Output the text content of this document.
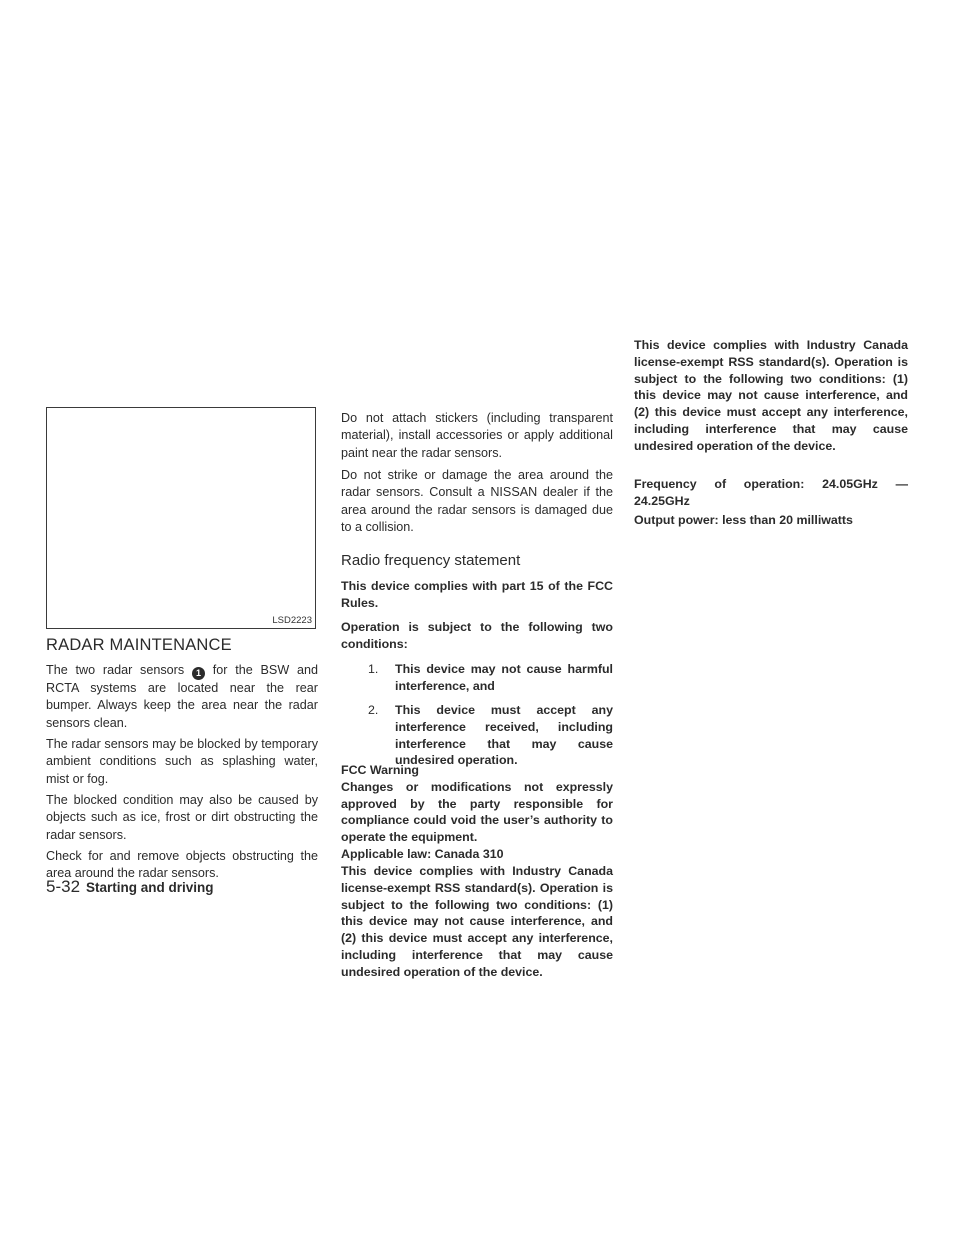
LSD2223
RADAR MAINTENANCE

The two radar sensors 1 for the BSW and RCTA systems are located near the rear bumper. Always keep the area near the radar sensors clean.

The radar sensors may be blocked by temporary ambient conditions such as splashing water, mist or fog.

The blocked condition may also be caused by objects such as ice, frost or dirt obstructing the radar sensors.

Check for and remove objects obstructing the area around the radar sensors.

Do not attach stickers (including transparent material), install accessories or apply additional paint near the radar sensors.

Do not strike or damage the area around the radar sensors. Consult a NISSAN dealer if the area around the radar sensors is damaged due to a collision.

Radio frequency statement

This device complies with part 15 of the FCC Rules.

Operation is subject to the following two conditions:

1. This device may not cause harmful interference, and
2. This device must accept any interference received, including interference that may cause undesired operation.
FCC Warning
Changes or modifications not expressly approved by the party responsible for compliance could void the user’s authority to operate the equipment.
Applicable law: Canada 310
This device complies with Industry Canada license-exempt RSS standard(s). Operation is subject to the following two conditions: (1) this device may not cause interference, and (2) this device must accept any interference, including interference that may cause undesired operation of the device.
This device complies with Industry Canada license-exempt RSS standard(s). Operation is subject to the following two conditions: (1) this device may not cause interference, and (2) this device must accept any interference, including interference that may cause undesired operation of the device.

Frequency of operation: 24.05GHz — 24.25GHz

Output power: less than 20 milliwatts

5-32 Starting and driving
